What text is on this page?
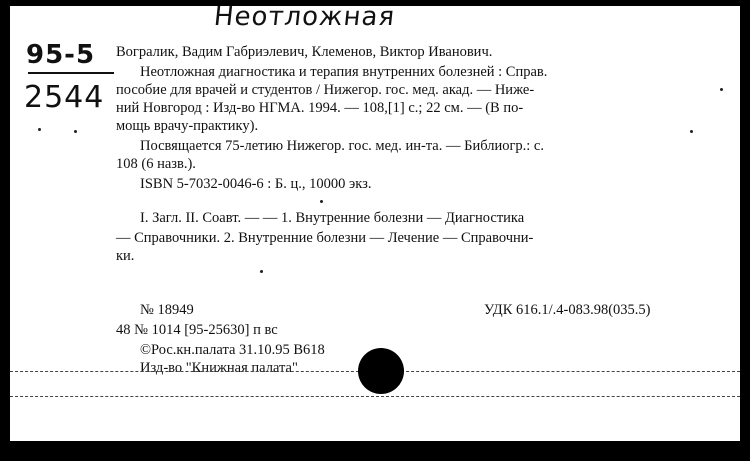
Неотложная
95-5
2544
Вогралик, Вадим Габриэлевич, Клеменов, Виктор Иванович.
Неотложная диагностика и терапия внутренних болезней : Справ.
пособие для врачей и студентов / Нижегор. гос. мед. акад. — Ниже-
ний Новгород : Изд-во НГМА. 1994. — 108,[1] с.; 22 см. — (В по-
мощь врачу-практику).
Посвящается 75-летию Нижегор. гос. мед. ин-та. — Библиогр.: с.
108 (6 назв.).
ISBN 5-7032-0046-6 : Б. ц., 10000 экз.
I. Загл. II. Соавт. — — 1. Внутренние болезни — Диагностика
— Справочники. 2. Внутренние болезни — Лечение — Справочни-
ки.
№ 18949	УДК 616.1/.4-083.98(035.5)
48 № 1014 [95-25630] п вс
©Рос.кн.палата 31.10.95 B618
Изд-во "Книжная палата"
